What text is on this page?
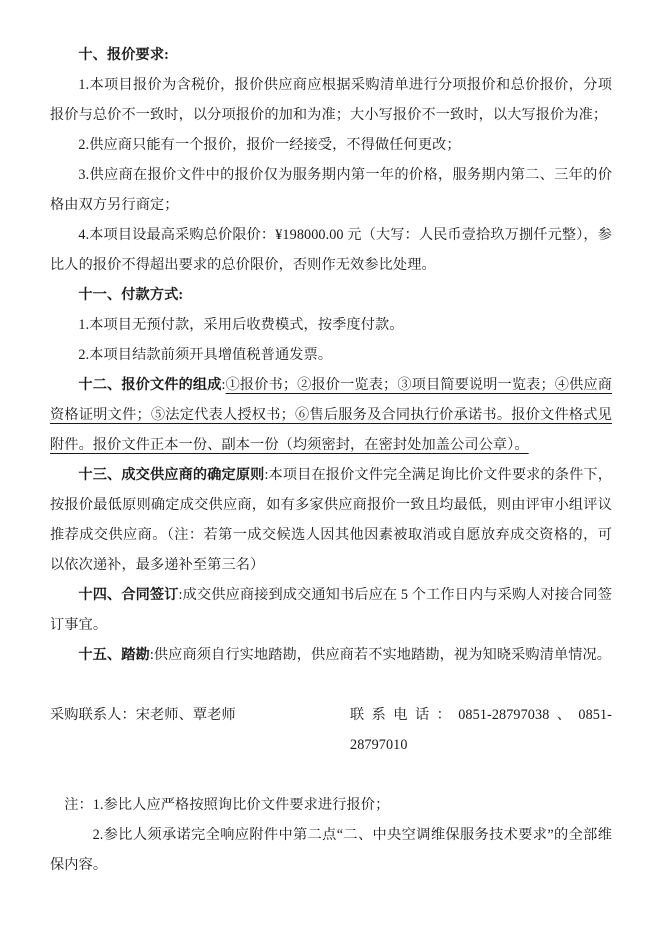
十、报价要求:

1.本项目报价为含税价，报价供应商应根据采购清单进行分项报价和总价报价，分项报价与总价不一致时，以分项报价的加和为准；大小写报价不一致时，以大写报价为准；

2.供应商只能有一个报价，报价一经接受，不得做任何更改；

3.供应商在报价文件中的报价仅为服务期内第一年的价格，服务期内第二、三年的价格由双方另行商定；

4.本项目设最高采购总价限价：¥198000.00 元（大写：人民币壹拾玖万捌仟元整），参比人的报价不得超出要求的总价限价，否则作无效参比处理。

十一、付款方式:

1.本项目无预付款，采用后收费模式，按季度付款。

2.本项目结款前须开具增值税普通发票。

十二、报价文件的组成:①报价书；②报价一览表；③项目简要说明一览表；④供应商资格证明文件；⑤法定代表人授权书；⑥售后服务及合同执行价承诺书。报价文件格式见附件。报价文件正本一份、副本一份（均须密封，在密封处加盖公司公章）。

十三、成交供应商的确定原则:本项目在报价文件完全满足询比价文件要求的条件下，按报价最低原则确定成交供应商，如有多家供应商报价一致且均最低，则由评审小组评议推荐成交供应商。（注：若第一成交候选人因其他因素被取消或自愿放弃成交资格的，可以依次递补，最多递补至第三名）

十四、合同签订:成交供应商接到成交通知书后应在 5 个工作日内与采购人对接合同签订事宜。

十五、踏勘:供应商须自行实地踏勘，供应商若不实地踏勘，视为知晓采购清单情况。

采购联系人：宋老师、覃老师	联系电话：0851-28797038、0851-28797010

注：1.参比人应严格按照询比价文件要求进行报价；

2.参比人须承诺完全响应附件中第二点“二、中央空调维保服务技术要求”的全部维保内容。
